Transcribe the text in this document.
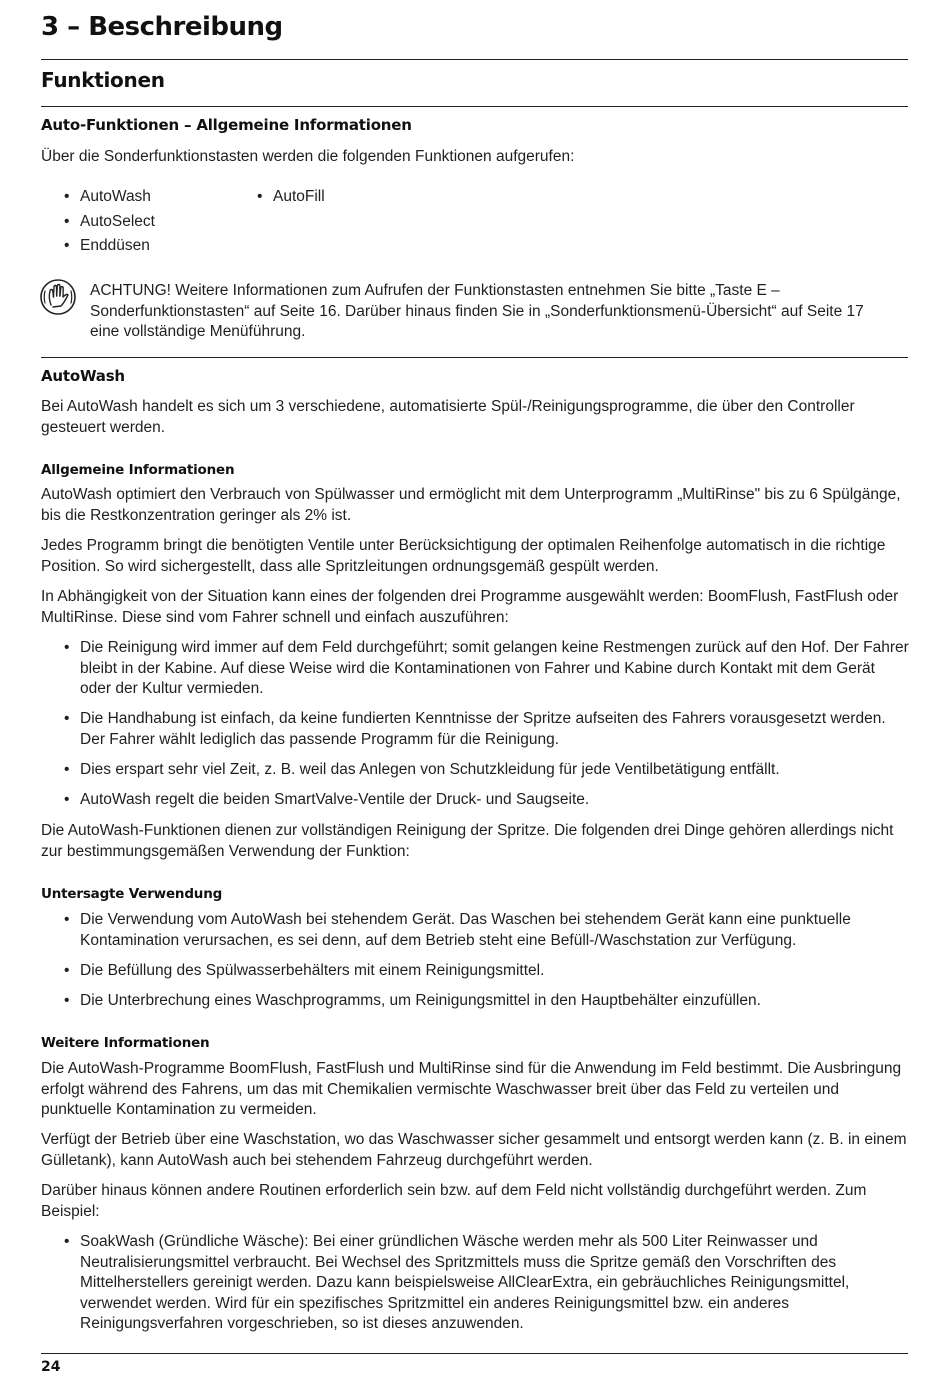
3 – Beschreibung
Funktionen
Auto-Funktionen – Allgemeine Informationen

Über die Sonderfunktionstasten werden die folgenden Funktionen aufgerufen:

• AutoWash

• AutoSelect

• Enddüsen

• AutoFill

ACHTUNG! Weitere Informationen zum Aufrufen der Funktionstasten entnehmen Sie bitte „Taste E – Sonderfunktionstasten“ auf Seite 16. Darüber hinaus finden Sie in „Sonderfunktionsmenü-Übersicht“ auf Seite 17 eine vollständige Menüführung.

AutoWash

Bei AutoWash handelt es sich um 3 verschiedene, automatisierte Spül-/Reinigungsprogramme, die über den Controller gesteuert werden.

Allgemeine Informationen

AutoWash optimiert den Verbrauch von Spülwasser und ermöglicht mit dem Unterprogramm „MultiRinse" bis zu 6 Spülgänge, bis die Restkonzentration geringer als 2% ist.

Jedes Programm bringt die benötigten Ventile unter Berücksichtigung der optimalen Reihenfolge automatisch in die richtige Position. So wird sichergestellt, dass alle Spritzleitungen ordnungsgemäß gespült werden.

In Abhängigkeit von der Situation kann eines der folgenden drei Programme ausgewählt werden: BoomFlush, FastFlush oder MultiRinse. Diese sind vom Fahrer schnell und einfach auszuführen:

• Die Reinigung wird immer auf dem Feld durchgeführt; somit gelangen keine Restmengen zurück auf den Hof. Der Fahrer bleibt in der Kabine. Auf diese Weise wird die Kontaminationen von Fahrer und Kabine durch Kontakt mit dem Gerät oder der Kultur vermieden.

• Die Handhabung ist einfach, da keine fundierten Kenntnisse der Spritze aufseiten des Fahrers vorausgesetzt werden. Der Fahrer wählt lediglich das passende Programm für die Reinigung.

• Dies erspart sehr viel Zeit, z. B. weil das Anlegen von Schutzkleidung für jede Ventilbetätigung entfällt.

• AutoWash regelt die beiden SmartValve-Ventile der Druck- und Saugseite.

Die AutoWash-Funktionen dienen zur vollständigen Reinigung der Spritze. Die folgenden drei Dinge gehören allerdings nicht zur bestimmungsgemäßen Verwendung der Funktion:

Untersagte Verwendung

• Die Verwendung vom AutoWash bei stehendem Gerät. Das Waschen bei stehendem Gerät kann eine punktuelle Kontamination verursachen, es sei denn, auf dem Betrieb steht eine Befüll-/Waschstation zur Verfügung.

• Die Befüllung des Spülwasserbehälters mit einem Reinigungsmittel.

• Die Unterbrechung eines Waschprogramms, um Reinigungsmittel in den Hauptbehälter einzufüllen.

Weitere Informationen

Die AutoWash-Programme BoomFlush, FastFlush und MultiRinse sind für die Anwendung im Feld bestimmt. Die Ausbringung erfolgt während des Fahrens, um das mit Chemikalien vermischte Waschwasser breit über das Feld zu verteilen und punktuelle Kontamination zu vermeiden.

Verfügt der Betrieb über eine Waschstation, wo das Waschwasser sicher gesammelt und entsorgt werden kann (z. B. in einem Gülletank), kann AutoWash auch bei stehendem Fahrzeug durchgeführt werden.

Darüber hinaus können andere Routinen erforderlich sein bzw. auf dem Feld nicht vollständig durchgeführt werden. Zum Beispiel:

• SoakWash (Gründliche Wäsche): Bei einer gründlichen Wäsche werden mehr als 500 Liter Reinwasser und Neutralisierungsmittel verbraucht. Bei Wechsel des Spritzmittels muss die Spritze gemäß den Vorschriften des Mittelherstellers gereinigt werden. Dazu kann beispielsweise AllClearExtra, ein gebräuchliches Reinigungsmittel, verwendet werden. Wird für ein spezifisches Spritzmittel ein anderes Reinigungsmittel bzw. ein anderes Reinigungsverfahren vorgeschrieben, so ist dieses anzuwenden.

24
